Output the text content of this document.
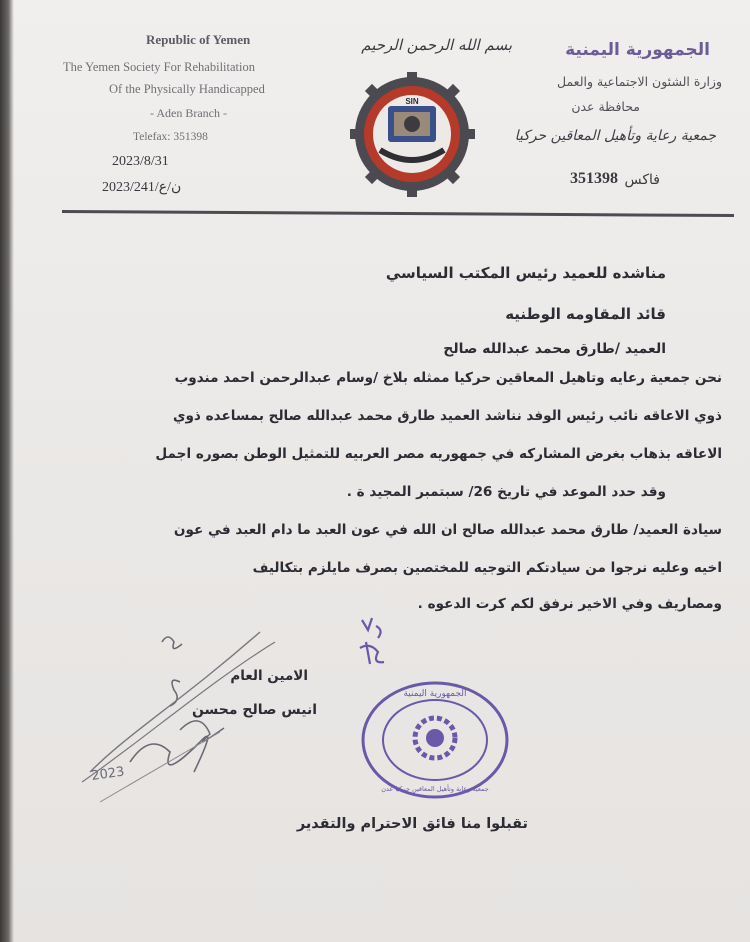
Republic of Yemen
The Yemen Society For Rehabilitation
Of the Physically Handicapped
- Aden Branch -
Telefax: 351398
2023/8/31
2023/ن/ع/241
بسم الله الرحمن الرحيم
SIN
الجمهورية اليمنية
وزارة الشئون الاجتماعية والعمل
محافظة عدن
جمعية رعاية وتأهيل المعاقين حركيا
فاكس
351398
مناشده للعميد رئيس المكتب السياسي
قائد المقاومه الوطنيه
العميد /طارق محمد عبدالله صالح
نحن جمعية رعايه وتاهيل المعاقين حركيا ممثله بلاخ /وسام عبدالرحمن احمد مندوب
ذوي الاعاقه نائب رئيس الوفد نناشد العميد طارق محمد عبدالله صالح بمساعده ذوي
الاعاقه بذهاب بغرض المشاركه في جمهوريه مصر العربيه للتمثيل الوطن بصوره اجمل
وقد حدد الموعد في تاريخ 26/ سبتمبر المجيد ة .
سيادة العميد/ طارق محمد عبدالله صالح ان الله في عون العبد ما دام العبد في عون
اخيه وعليه نرجوا من سيادتكم التوجيه للمختصين بصرف مايلزم بتكاليف
ومصاريف وفي الاخير نرفق لكم كرت الدعوه .
الامين العام
انيس صالح محسن
2023
الجمهورية اليمنية
جمعية رعاية وتأهيل المعاقين حركيا عدن
تقبلوا منا فائق الاحترام والتقدير
